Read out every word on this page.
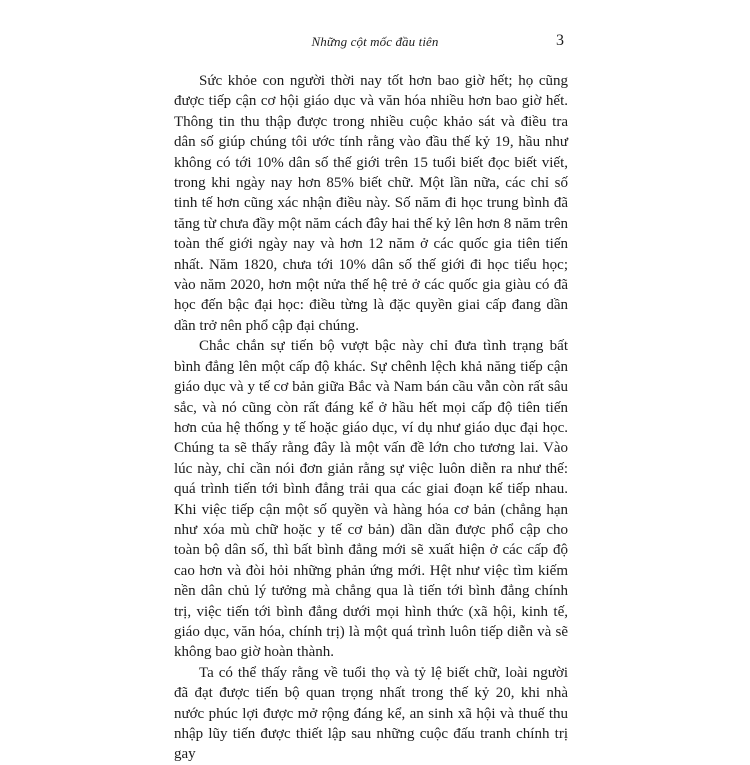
Những cột mốc đầu tiên	3

Sức khỏe con người thời nay tốt hơn bao giờ hết; họ cũng được tiếp cận cơ hội giáo dục và văn hóa nhiều hơn bao giờ hết. Thông tin thu thập được trong nhiều cuộc khảo sát và điều tra dân số giúp chúng tôi ước tính rằng vào đầu thế kỷ 19, hầu như không có tới 10% dân số thế giới trên 15 tuổi biết đọc biết viết, trong khi ngày nay hơn 85% biết chữ. Một lần nữa, các chỉ số tinh tế hơn cũng xác nhận điều này. Số năm đi học trung bình đã tăng từ chưa đầy một năm cách đây hai thế kỷ lên hơn 8 năm trên toàn thế giới ngày nay và hơn 12 năm ở các quốc gia tiên tiến nhất. Năm 1820, chưa tới 10% dân số thế giới đi học tiểu học; vào năm 2020, hơn một nửa thế hệ trẻ ở các quốc gia giàu có đã học đến bậc đại học: điều từng là đặc quyền giai cấp đang dần dần trở nên phổ cập đại chúng.

Chắc chắn sự tiến bộ vượt bậc này chỉ đưa tình trạng bất bình đẳng lên một cấp độ khác. Sự chênh lệch khả năng tiếp cận giáo dục và y tế cơ bản giữa Bắc và Nam bán cầu vẫn còn rất sâu sắc, và nó cũng còn rất đáng kể ở hầu hết mọi cấp độ tiên tiến hơn của hệ thống y tế hoặc giáo dục, ví dụ như giáo dục đại học. Chúng ta sẽ thấy rằng đây là một vấn đề lớn cho tương lai. Vào lúc này, chỉ cần nói đơn giản rằng sự việc luôn diễn ra như thế: quá trình tiến tới bình đẳng trải qua các giai đoạn kế tiếp nhau. Khi việc tiếp cận một số quyền và hàng hóa cơ bản (chẳng hạn như xóa mù chữ hoặc y tế cơ bản) dần dần được phổ cập cho toàn bộ dân số, thì bất bình đẳng mới sẽ xuất hiện ở các cấp độ cao hơn và đòi hỏi những phản ứng mới. Hệt như việc tìm kiếm nền dân chủ lý tưởng mà chẳng qua là tiến tới bình đẳng chính trị, việc tiến tới bình đẳng dưới mọi hình thức (xã hội, kinh tế, giáo dục, văn hóa, chính trị) là một quá trình luôn tiếp diễn và sẽ không bao giờ hoàn thành.

Ta có thể thấy rằng về tuổi thọ và tỷ lệ biết chữ, loài người đã đạt được tiến bộ quan trọng nhất trong thế kỷ 20, khi nhà nước phúc lợi được mở rộng đáng kể, an sinh xã hội và thuế thu nhập lũy tiến được thiết lập sau những cuộc đấu tranh chính trị gay
